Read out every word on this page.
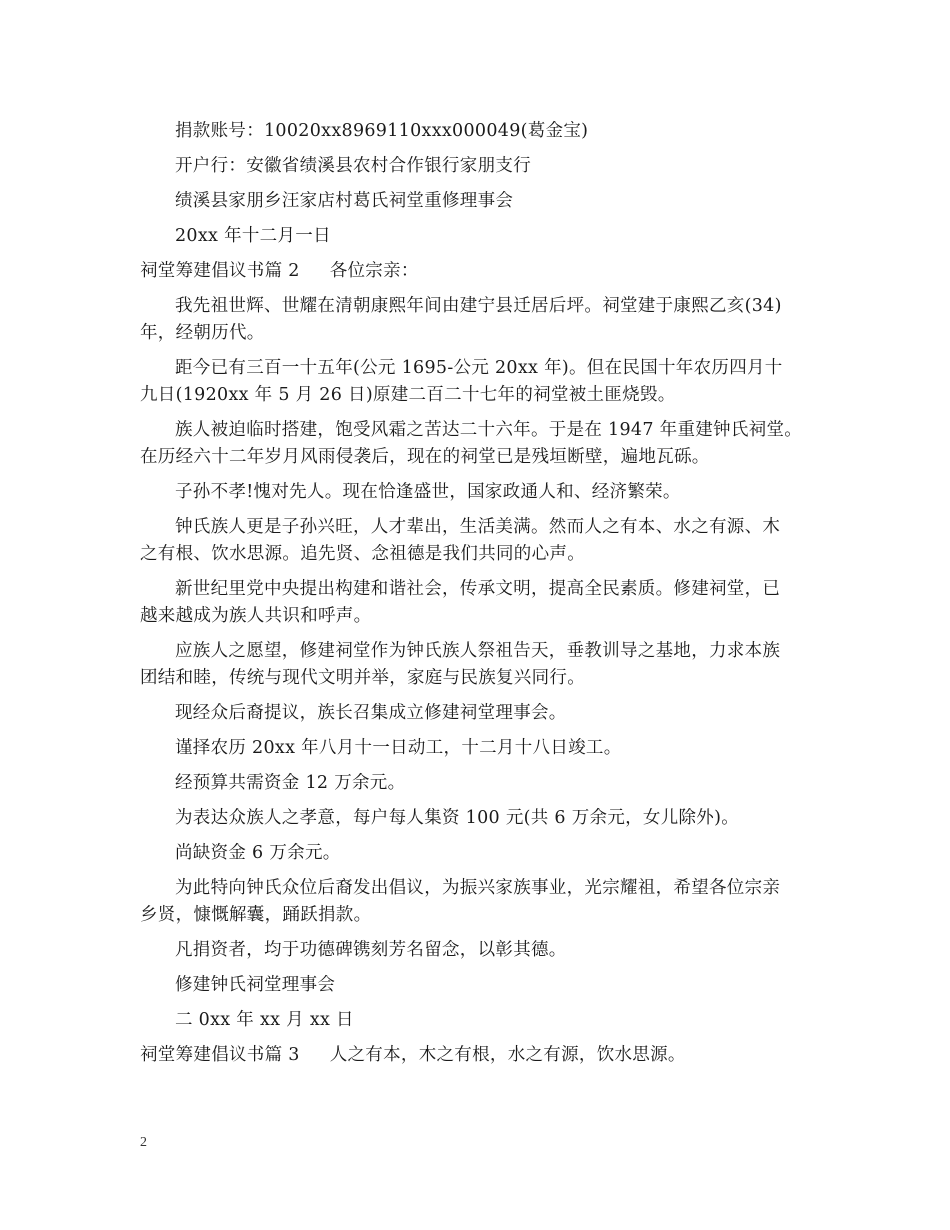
捐款账号：10020xx8969110xxx000049(葛金宝)
开户行：安徽省绩溪县农村合作银行家朋支行
绩溪县家朋乡汪家店村葛氏祠堂重修理事会
20xx 年十二月一日
祠堂筹建倡议书篇 2 各位宗亲：
我先祖世辉、世耀在清朝康熙年间由建宁县迁居后坪。祠堂建于康熙乙亥(34)
年，经朝历代。
距今已有三百一十五年(公元 1695-公元 20xx 年)。但在民国十年农历四月十
九日(1920xx 年 5 月 26 日)原建二百二十七年的祠堂被土匪烧毁。
族人被迫临时搭建，饱受风霜之苦达二十六年。于是在 1947 年重建钟氏祠堂。
在历经六十二年岁月风雨侵袭后，现在的祠堂已是残垣断壁，遍地瓦砾。
子孙不孝!愧对先人。现在恰逢盛世，国家政通人和、经济繁荣。
钟氏族人更是子孙兴旺，人才辈出，生活美满。然而人之有本、水之有源、木
之有根、饮水思源。追先贤、念祖德是我们共同的心声。
新世纪里党中央提出构建和谐社会，传承文明，提高全民素质。修建祠堂，已
越来越成为族人共识和呼声。
应族人之愿望，修建祠堂作为钟氏族人祭祖告天，垂教训导之基地，力求本族
团结和睦，传统与现代文明并举，家庭与民族复兴同行。
现经众后裔提议，族长召集成立修建祠堂理事会。
谨择农历 20xx 年八月十一日动工，十二月十八日竣工。
经预算共需资金 12 万余元。
为表达众族人之孝意，每户每人集资 100 元(共 6 万余元，女儿除外)。
尚缺资金 6 万余元。
为此特向钟氏众位后裔发出倡议，为振兴家族事业，光宗耀祖，希望各位宗亲
乡贤，慷慨解囊，踊跃捐款。
凡捐资者，均于功德碑镌刻芳名留念，以彰其德。
修建钟氏祠堂理事会
二 0xx 年 xx 月 xx 日
祠堂筹建倡议书篇 3 人之有本，木之有根，水之有源，饮水思源。
2
